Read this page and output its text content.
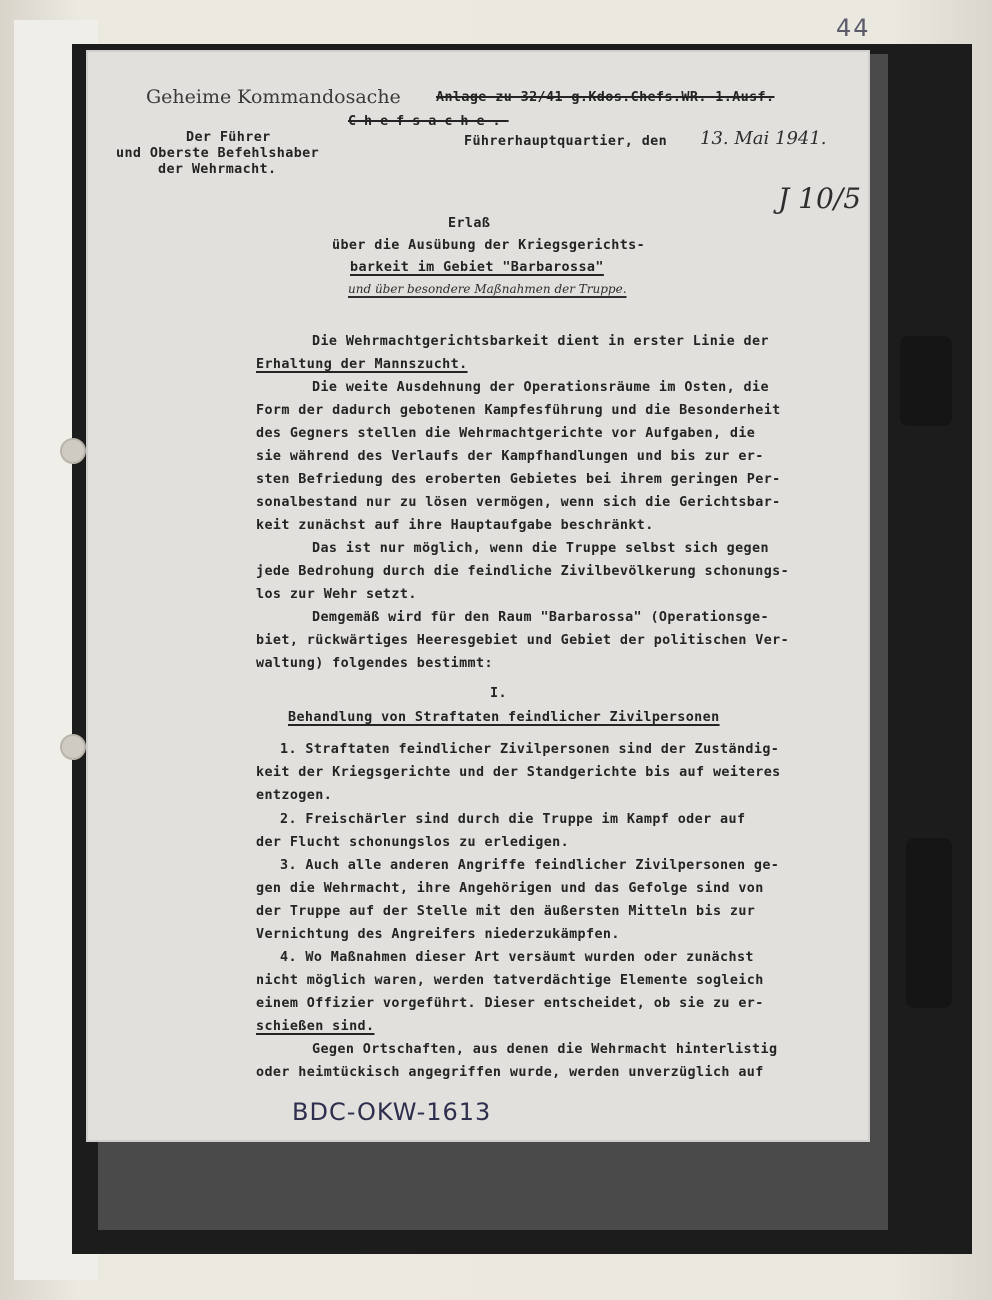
44
Geheime Kommandosache	Anlage zu 32/41 g.Kdos.Chefs.WR. 1.Ausf.
Chefsache.
Der Führer
und Oberste Befehlshaber
der Wehrmacht.
Führerhauptquartier, den 13. Mai 1941.
J 10/5
Erlaß
über die Ausübung der Kriegsgerichts-
barkeit im Gebiet "Barbarossa"
und über besondere Maßnahmen der Truppe.
Die Wehrmachtgerichtsbarkeit dient in erster Linie der
Erhaltung der Mannszucht.
Die weite Ausdehnung der Operationsräume im Osten, die
Form der dadurch gebotenen Kampfesführung und die Besonderheit
des Gegners stellen die Wehrmachtgerichte vor Aufgaben, die
sie während des Verlaufs der Kampfhandlungen und bis zur er-
sten Befriedung des eroberten Gebietes bei ihrem geringen Per-
sonalbestand nur zu lösen vermögen, wenn sich die Gerichtsbar-
keit zunächst auf ihre Hauptaufgabe beschränkt.
Das ist nur möglich, wenn die Truppe selbst sich gegen
jede Bedrohung durch die feindliche Zivilbevölkerung schonungs-
los zur Wehr setzt.
Demgemäß wird für den Raum "Barbarossa" (Operationsge-
biet, rückwärtiges Heeresgebiet und Gebiet der politischen Ver-
waltung) folgendes bestimmt:
I.
Behandlung von Straftaten feindlicher Zivilpersonen
1. Straftaten feindlicher Zivilpersonen sind der Zuständig-
keit der Kriegsgerichte und der Standgerichte bis auf weiteres
entzogen.
2. Freischärler sind durch die Truppe im Kampf oder auf
der Flucht schonungslos zu erledigen.
3. Auch alle anderen Angriffe feindlicher Zivilpersonen ge-
gen die Wehrmacht, ihre Angehörigen und das Gefolge sind von
der Truppe auf der Stelle mit den äußersten Mitteln bis zur
Vernichtung des Angreifers niederzukämpfen.
4. Wo Maßnahmen dieser Art versäumt wurden oder zunächst
nicht möglich waren, werden tatverdächtige Elemente sogleich
einem Offizier vorgeführt. Dieser entscheidet, ob sie zu er-
schießen sind.
Gegen Ortschaften, aus denen die Wehrmacht hinterlistig
oder heimtückisch angegriffen wurde, werden unverzüglich auf
BDC-OKW-1613
